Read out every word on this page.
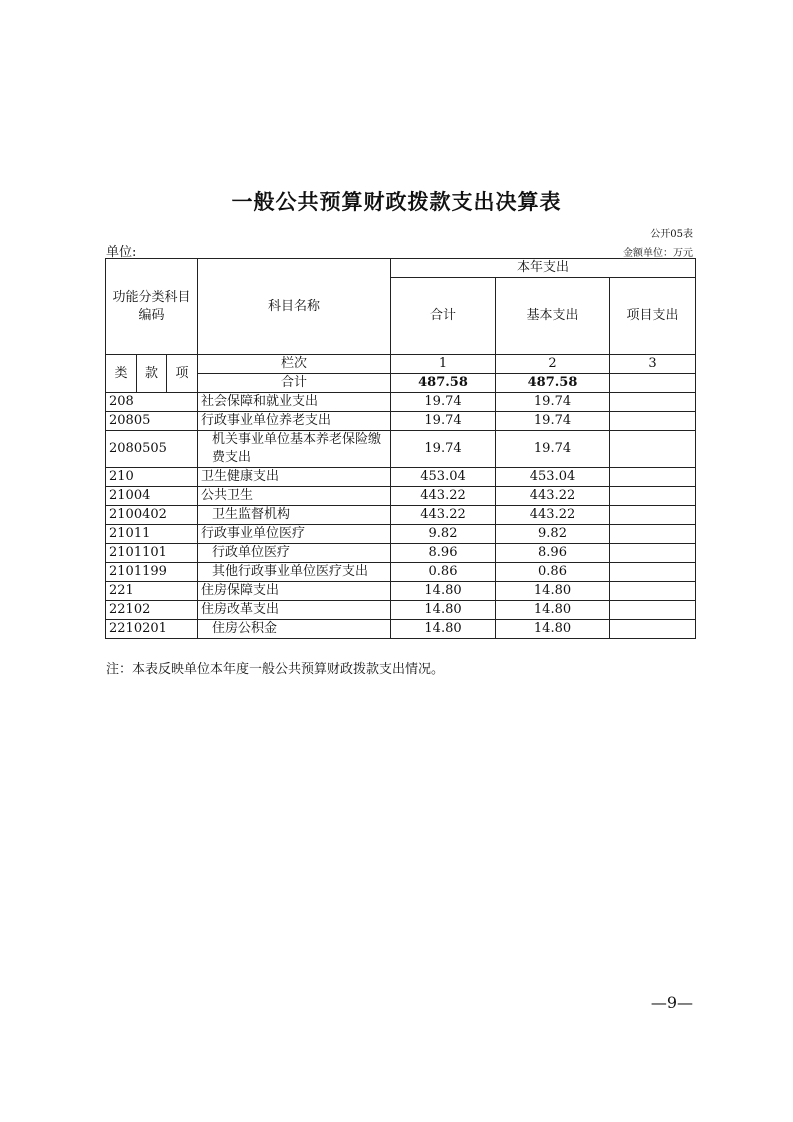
一般公共预算财政拨款支出决算表
公开05表
单位:	金额单位：万元
功能分类科目编码			科目名称	本年支出		
				合计	基本支出	项目支出
类	款	项	栏次	1	2	3
			合计	487.58	487.58	
208			社会保障和就业支出	19.74	19.74	
20805			行政事业单位养老支出	19.74	19.74	
2080505			机关事业单位基本养老保险缴费支出	19.74	19.74	
210			卫生健康支出	453.04	453.04	
21004			公共卫生	443.22	443.22	
2100402			卫生监督机构	443.22	443.22	
21011			行政事业单位医疗	9.82	9.82	
2101101			行政单位医疗	8.96	8.96	
2101199			其他行政事业单位医疗支出	0.86	0.86	
221			住房保障支出	14.80	14.80	
22102			住房改革支出	14.80	14.80	
2210201			住房公积金	14.80	14.80	
注：本表反映单位本年度一般公共预算财政拨款支出情况。
—9—
